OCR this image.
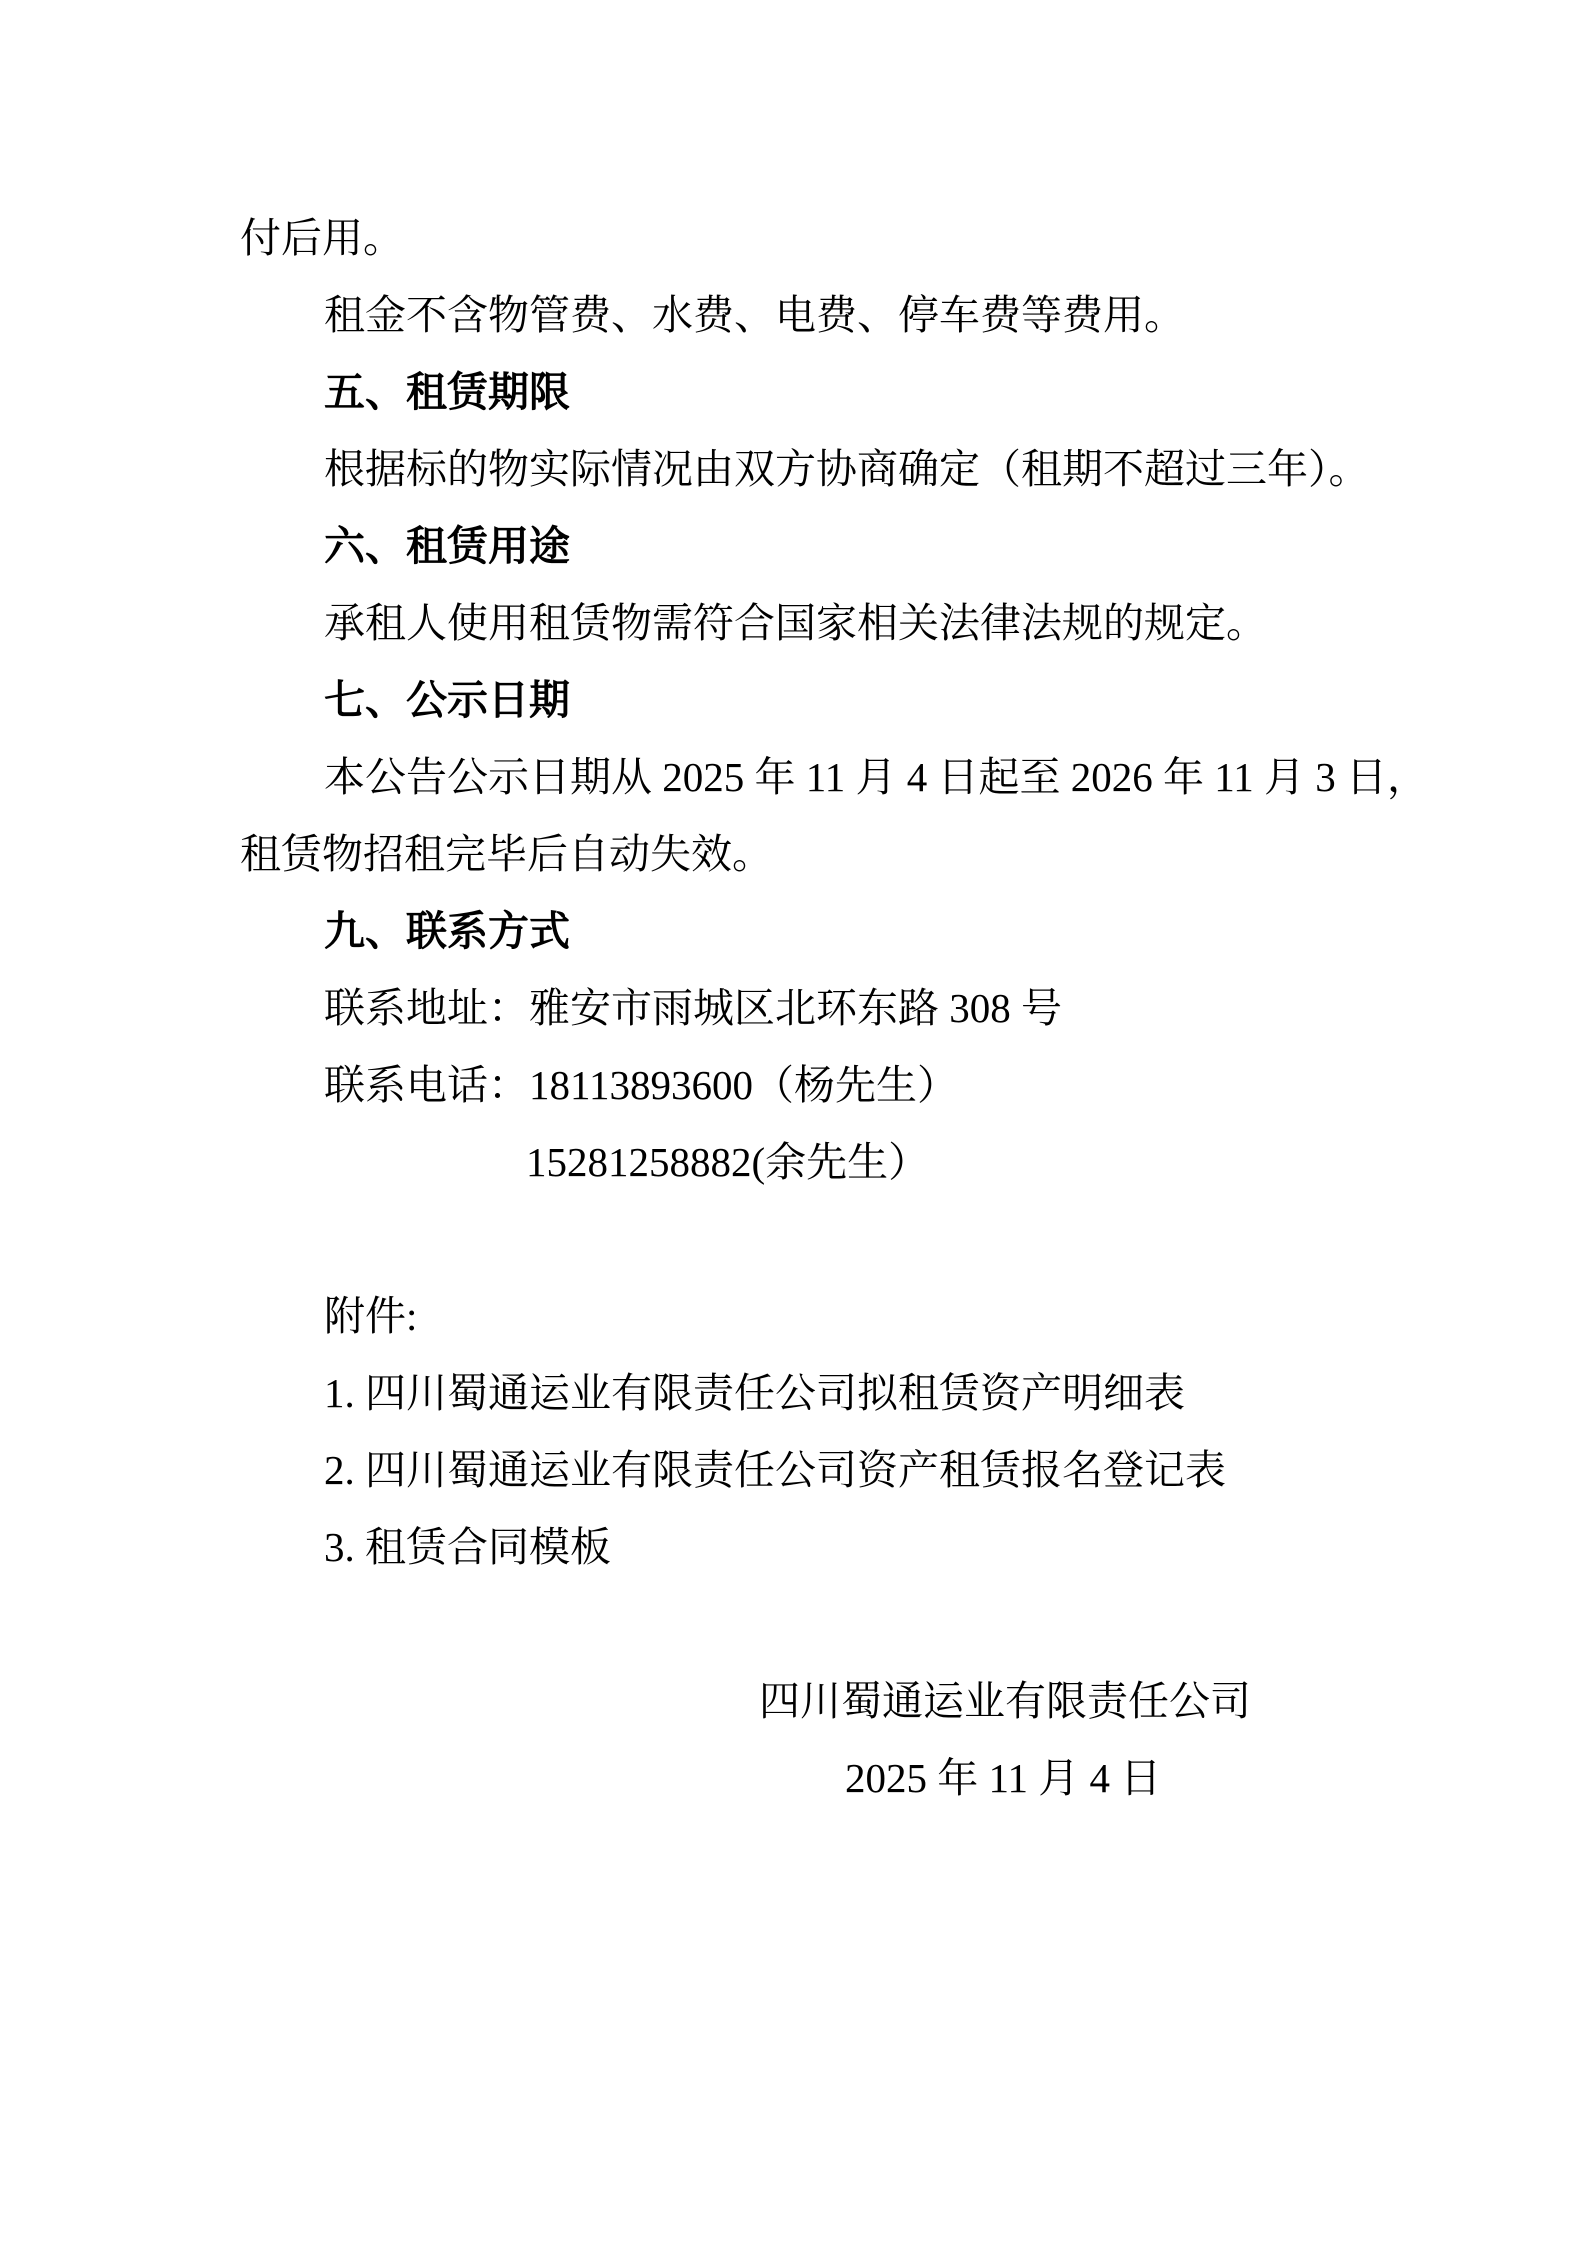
付后用。
租金不含物管费、水费、电费、停车费等费用。
五、租赁期限
根据标的物实际情况由双方协商确定（租期不超过三年）。
六、租赁用途
承租人使用租赁物需符合国家相关法律法规的规定。
七、公示日期
本公告公示日期从 2025 年 11 月 4 日起至 2026 年 11 月 3 日，
租赁物招租完毕后自动失效。
九、联系方式
联系地址：雅安市雨城区北环东路 308 号
联系电话：18113893600（杨先生）
15281258882(余先生）
附件:
1. 四川蜀通运业有限责任公司拟租赁资产明细表
2. 四川蜀通运业有限责任公司资产租赁报名登记表
3. 租赁合同模板
四川蜀通运业有限责任公司
2025 年 11 月 4 日
